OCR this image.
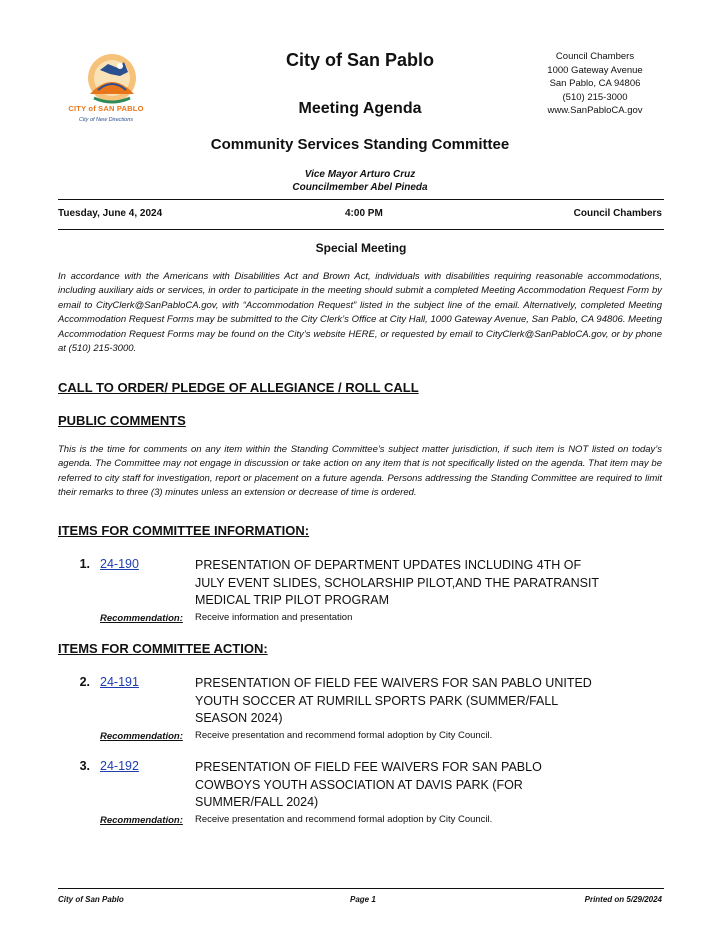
CITY of SAN PABLO
City of New Directions
City of San Pablo
Meeting Agenda
Community Services Standing Committee
Council Chambers
1000 Gateway Avenue
San Pablo, CA 94806
(510) 215-3000
www.SanPabloCA.gov
Vice Mayor Arturo Cruz
Councilmember Abel Pineda
Tuesday, June 4, 2024	4:00 PM	Council Chambers
Special Meeting
In accordance with the Americans with Disabilities Act and Brown Act, individuals with disabilities requiring reasonable accommodations, including auxiliary aids or services, in order to participate in the meeting should submit a completed Meeting Accommodation Request Form by email to CityClerk@SanPabloCA.gov, with “Accommodation Request” listed in the subject line of the email. Alternatively, completed Meeting Accommodation Request Forms may be submitted to the City Clerk’s Office at City Hall, 1000 Gateway Avenue, San Pablo, CA 94806. Meeting Accommodation Request Forms may be found on the City’s website HERE, or requested by email to CityClerk@SanPabloCA.gov, or by phone at (510) 215-3000.
CALL TO ORDER/ PLEDGE OF ALLEGIANCE / ROLL CALL
PUBLIC COMMENTS
This is the time for comments on any item within the Standing Committee’s subject matter jurisdiction, if such item is NOT listed on today’s agenda. The Committee may not engage in discussion or take action on any item that is not specifically listed on the agenda. That item may be referred to city staff for investigation, report or placement on a future agenda. Persons addressing the Standing Committee are required to limit their remarks to three (3) minutes unless an extension or decrease of time is ordered.
ITEMS FOR COMMITTEE INFORMATION:
1. 24-190	PRESENTATION OF DEPARTMENT UPDATES INCLUDING 4TH OF
JULY EVENT SLIDES, SCHOLARSHIP PILOT,AND THE PARATRANSIT
MEDICAL TRIP PILOT PROGRAM
Recommendation: Receive information and presentation
ITEMS FOR COMMITTEE ACTION:
2. 24-191	PRESENTATION OF FIELD FEE WAIVERS FOR SAN PABLO UNITED
YOUTH SOCCER AT RUMRILL SPORTS PARK (SUMMER/FALL
SEASON 2024)
Recommendation: Receive presentation and recommend formal adoption by City Council.
3. 24-192	PRESENTATION OF FIELD FEE WAIVERS FOR SAN PABLO
COWBOYS YOUTH ASSOCIATION AT DAVIS PARK (FOR
SUMMER/FALL 2024)
Recommendation: Receive presentation and recommend formal adoption by City Council.
City of San Pablo	Page 1	Printed on 5/29/2024
